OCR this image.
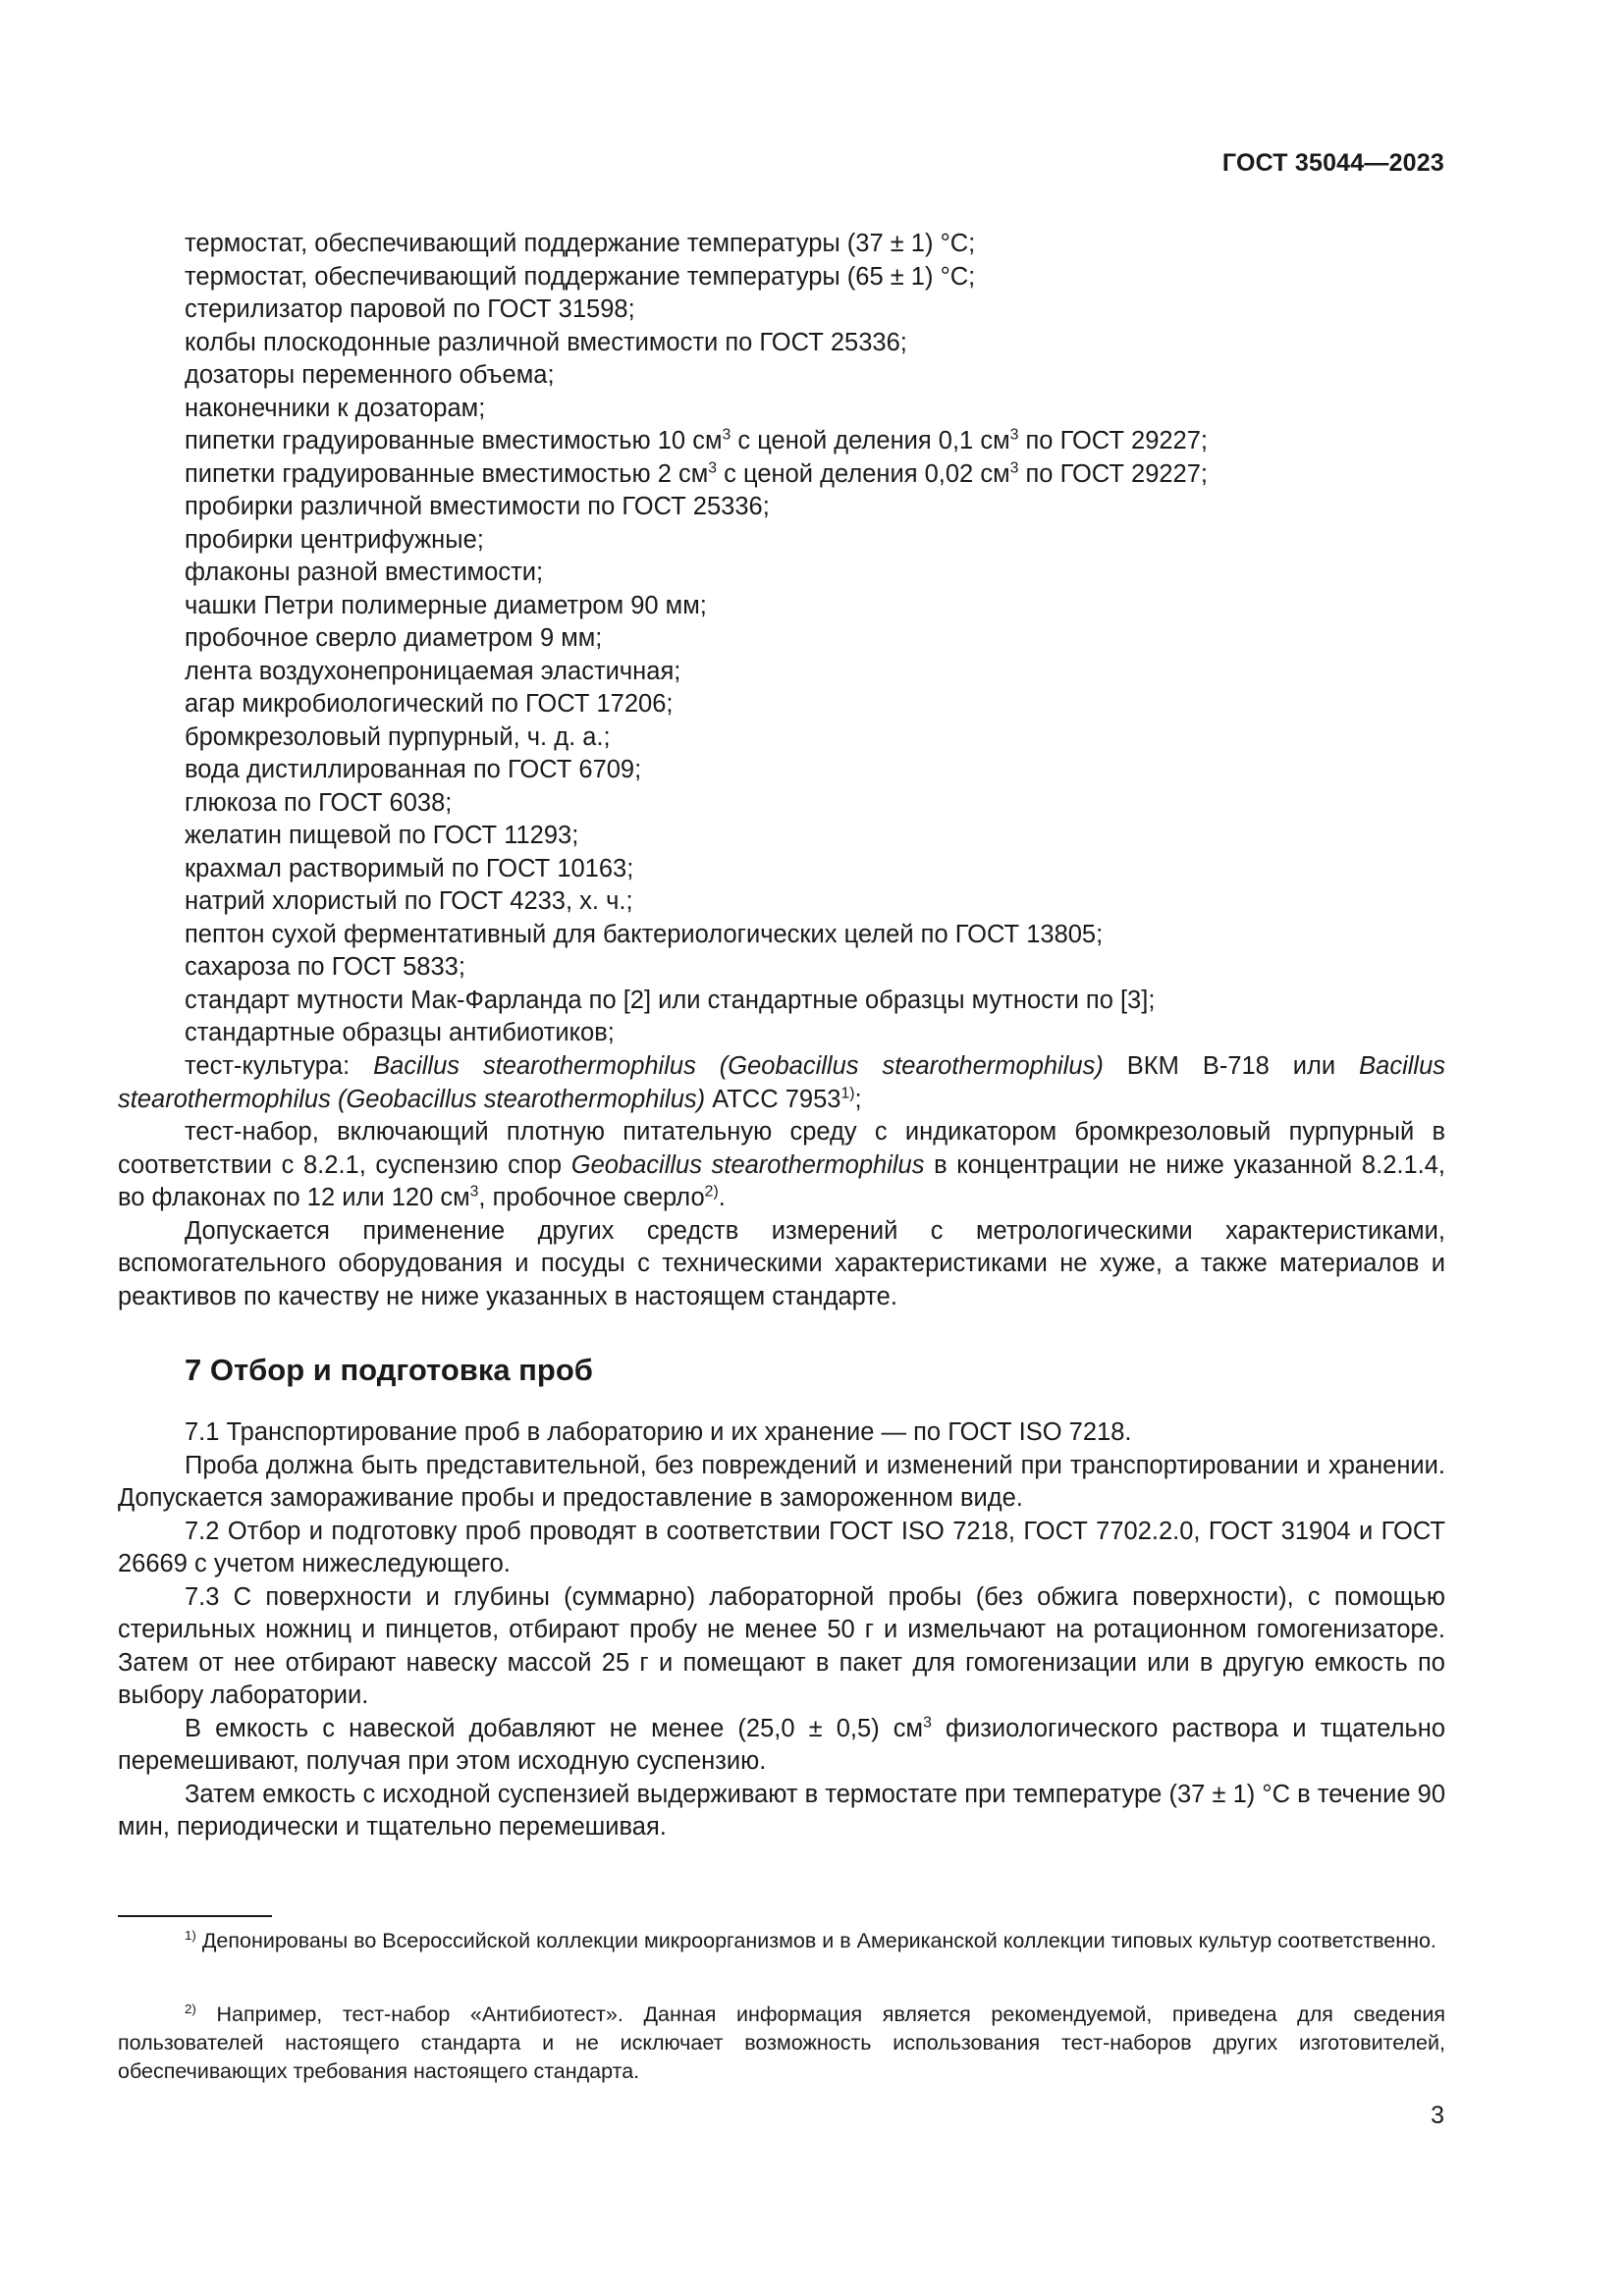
ГОСТ 35044—2023
термостат, обеспечивающий поддержание температуры (37 ± 1) °С;
термостат, обеспечивающий поддержание температуры (65 ± 1) °С;
стерилизатор паровой по ГОСТ 31598;
колбы плоскодонные различной вместимости по ГОСТ 25336;
дозаторы переменного объема;
наконечники к дозаторам;
пипетки градуированные вместимостью 10 $см^3$ с ценой деления 0,1 $см^3$ по ГОСТ 29227;
пипетки градуированные вместимостью 2 $см^3$ с ценой деления 0,02 $см^3$ по ГОСТ 29227;
пробирки различной вместимости по ГОСТ 25336;
пробирки центрифужные;
флаконы разной вместимости;
чашки Петри полимерные диаметром 90 мм;
пробочное сверло диаметром 9 мм;
лента воздухонепроницаемая эластичная;
агар микробиологический по ГОСТ 17206;
бромкрезоловый пурпурный, ч. д. а.;
вода дистиллированная по ГОСТ 6709;
глюкоза по ГОСТ 6038;
желатин пищевой по ГОСТ 11293;
крахмал растворимый по ГОСТ 10163;
натрий хлористый по ГОСТ 4233, х. ч.;
пептон сухой ферментативный для бактериологических целей по ГОСТ 13805;
сахароза по ГОСТ 5833;
стандарт мутности Мак-Фарланда по [2] или стандартные образцы мутности по [3];
стандартные образцы антибиотиков;

тест-культура: Bacillus stearothermophilus (Geobacillus stearothermophilus) ВКМ В-718 или Bacillus stearothermophilus (Geobacillus stearothermophilus) АТСС 7953$^{1)}$;

тест-набор, включающий плотную питательную среду с индикатором бромкрезоловый пурпурный в соответствии с 8.2.1, суспензию спор Geobacillus stearothermophilus в концентрации не ниже указанной 8.2.1.4, во флаконах по 12 или 120 $см^3$, пробочное сверло$^{2)}$.

Допускается применение других средств измерений с метрологическими характеристиками, вспомогательного оборудования и посуды с техническими характеристиками не хуже, а также материалов и реактивов по качеству не ниже указанных в настоящем стандарте.

7 Отбор и подготовка проб

7.1 Транспортирование проб в лабораторию и их хранение — по ГОСТ ISO 7218.

Проба должна быть представительной, без повреждений и изменений при транспортировании и хранении. Допускается замораживание пробы и предоставление в замороженном виде.

7.2 Отбор и подготовку проб проводят в соответствии ГОСТ ISO 7218, ГОСТ 7702.2.0, ГОСТ 31904 и ГОСТ 26669 с учетом нижеследующего.

7.3 С поверхности и глубины (суммарно) лабораторной пробы (без обжига поверхности), с помощью стерильных ножниц и пинцетов, отбирают пробу не менее 50 г и измельчают на ротационном гомогенизаторе. Затем от нее отбирают навеску массой 25 г и помещают в пакет для гомогенизации или в другую емкость по выбору лаборатории.

В емкость с навеской добавляют не менее (25,0 ± 0,5) $см^3$ физиологического раствора и тщательно перемешивают, получая при этом исходную суспензию.

Затем емкость с исходной суспензией выдерживают в термостате при температуре (37 ± 1) °С в течение 90 мин, периодически и тщательно перемешивая.

$^{1)}$ Депонированы во Всероссийской коллекции микроорганизмов и в Американской коллекции типовых культур соответственно.

$^{2)}$ Например, тест-набор «Антибиотест». Данная информация является рекомендуемой, приведена для сведения пользователей настоящего стандарта и не исключает возможность использования тест-наборов других изготовителей, обеспечивающих требования настоящего стандарта.

3
